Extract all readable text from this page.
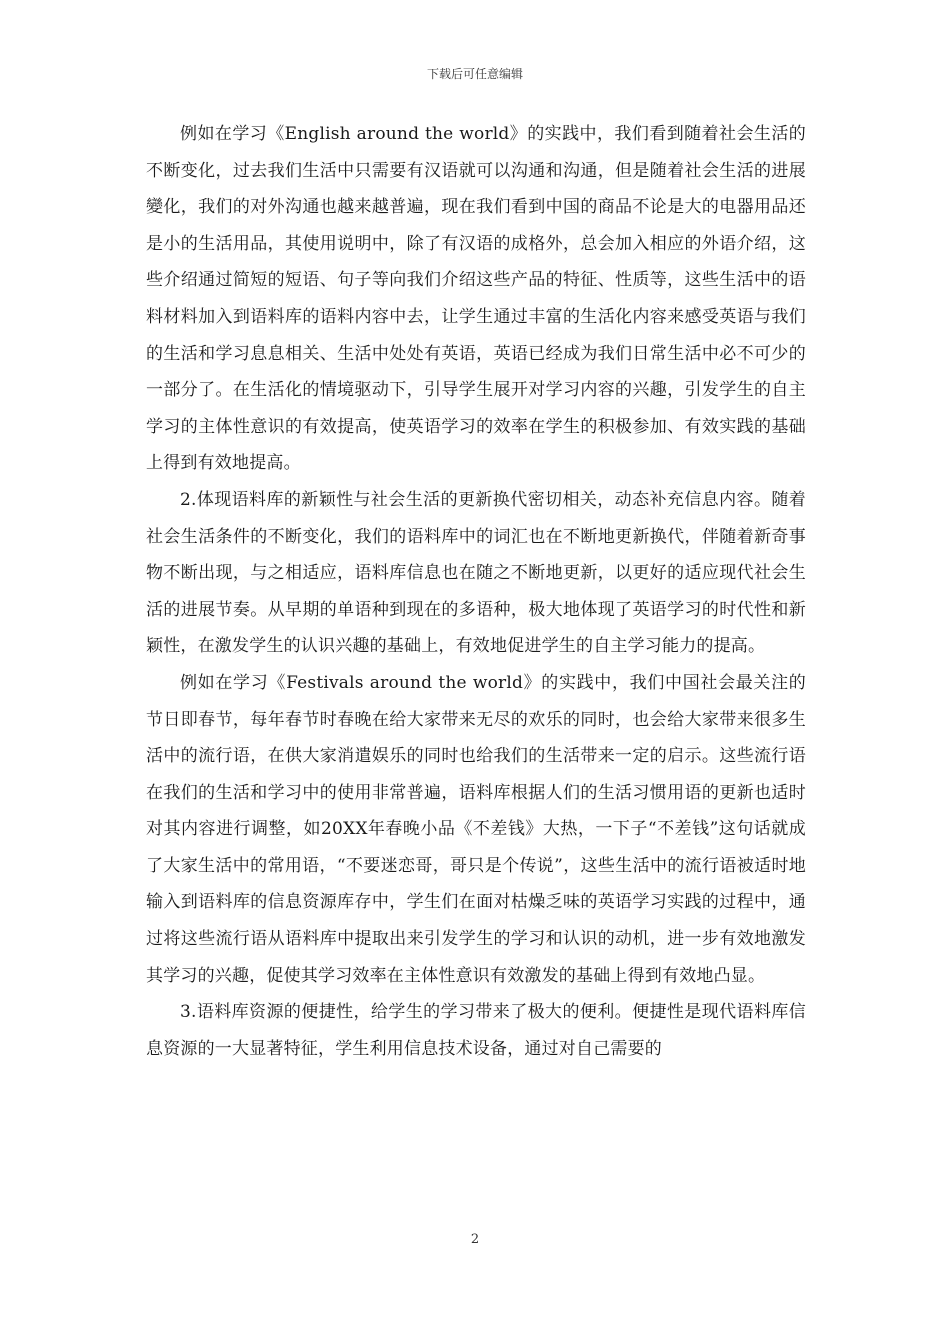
下载后可任意编辑

例如在学习《English around the world》的实践中，我们看到随着社会生活的不断变化，过去我们生活中只需要有汉语就可以沟通和沟通，但是随着社会生活的进展變化，我们的对外沟通也越来越普遍，现在我们看到中国的商品不论是大的电器用品还是小的生活用品，其使用说明中，除了有汉语的成格外，总会加入相应的外语介绍，这些介绍通过简短的短语、句子等向我们介绍这些产品的特征、性质等，这些生活中的语料材料加入到语料库的语料内容中去，让学生通过丰富的生活化内容来感受英语与我们的生活和学习息息相关、生活中处处有英语，英语已经成为我们日常生活中必不可少的一部分了。在生活化的情境驱动下，引导学生展开对学习内容的兴趣，引发学生的自主学习的主体性意识的有效提高，使英语学习的效率在学生的积极参加、有效实践的基础上得到有效地提高。

2.体现语料库的新颖性与社会生活的更新换代密切相关，动态补充信息内容。随着社会生活条件的不断变化，我们的语料库中的词汇也在不断地更新换代，伴随着新奇事物不断出现，与之相适应，语料库信息也在随之不断地更新，以更好的适应现代社会生活的进展节奏。从早期的单语种到现在的多语种，极大地体现了英语学习的时代性和新颖性，在激发学生的认识兴趣的基础上，有效地促进学生的自主学习能力的提高。

例如在学习《Festivals around the world》的实践中，我们中国社会最关注的节日即春节，每年春节时春晚在给大家带来无尽的欢乐的同时，也会给大家带来很多生活中的流行语，在供大家消遣娱乐的同时也给我们的生活带来一定的启示。这些流行语在我们的生活和学习中的使用非常普遍，语料库根据人们的生活习惯用语的更新也适时对其内容进行调整，如20XX年春晚小品《不差钱》大热，一下子“不差钱”这句话就成了大家生活中的常用语，“不要迷恋哥，哥只是个传说”，这些生活中的流行语被适时地输入到语料库的信息资源库存中，学生们在面对枯燥乏味的英语学习实践的过程中，通过将这些流行语从语料库中提取出来引发学生的学习和认识的动机，进一步有效地激发其学习的兴趣，促使其学习效率在主体性意识有效激发的基础上得到有效地凸显。

3.语料库资源的便捷性，给学生的学习带来了极大的便利。便捷性是现代语料库信息资源的一大显著特征，学生利用信息技术设备，通过对自己需要的

2
